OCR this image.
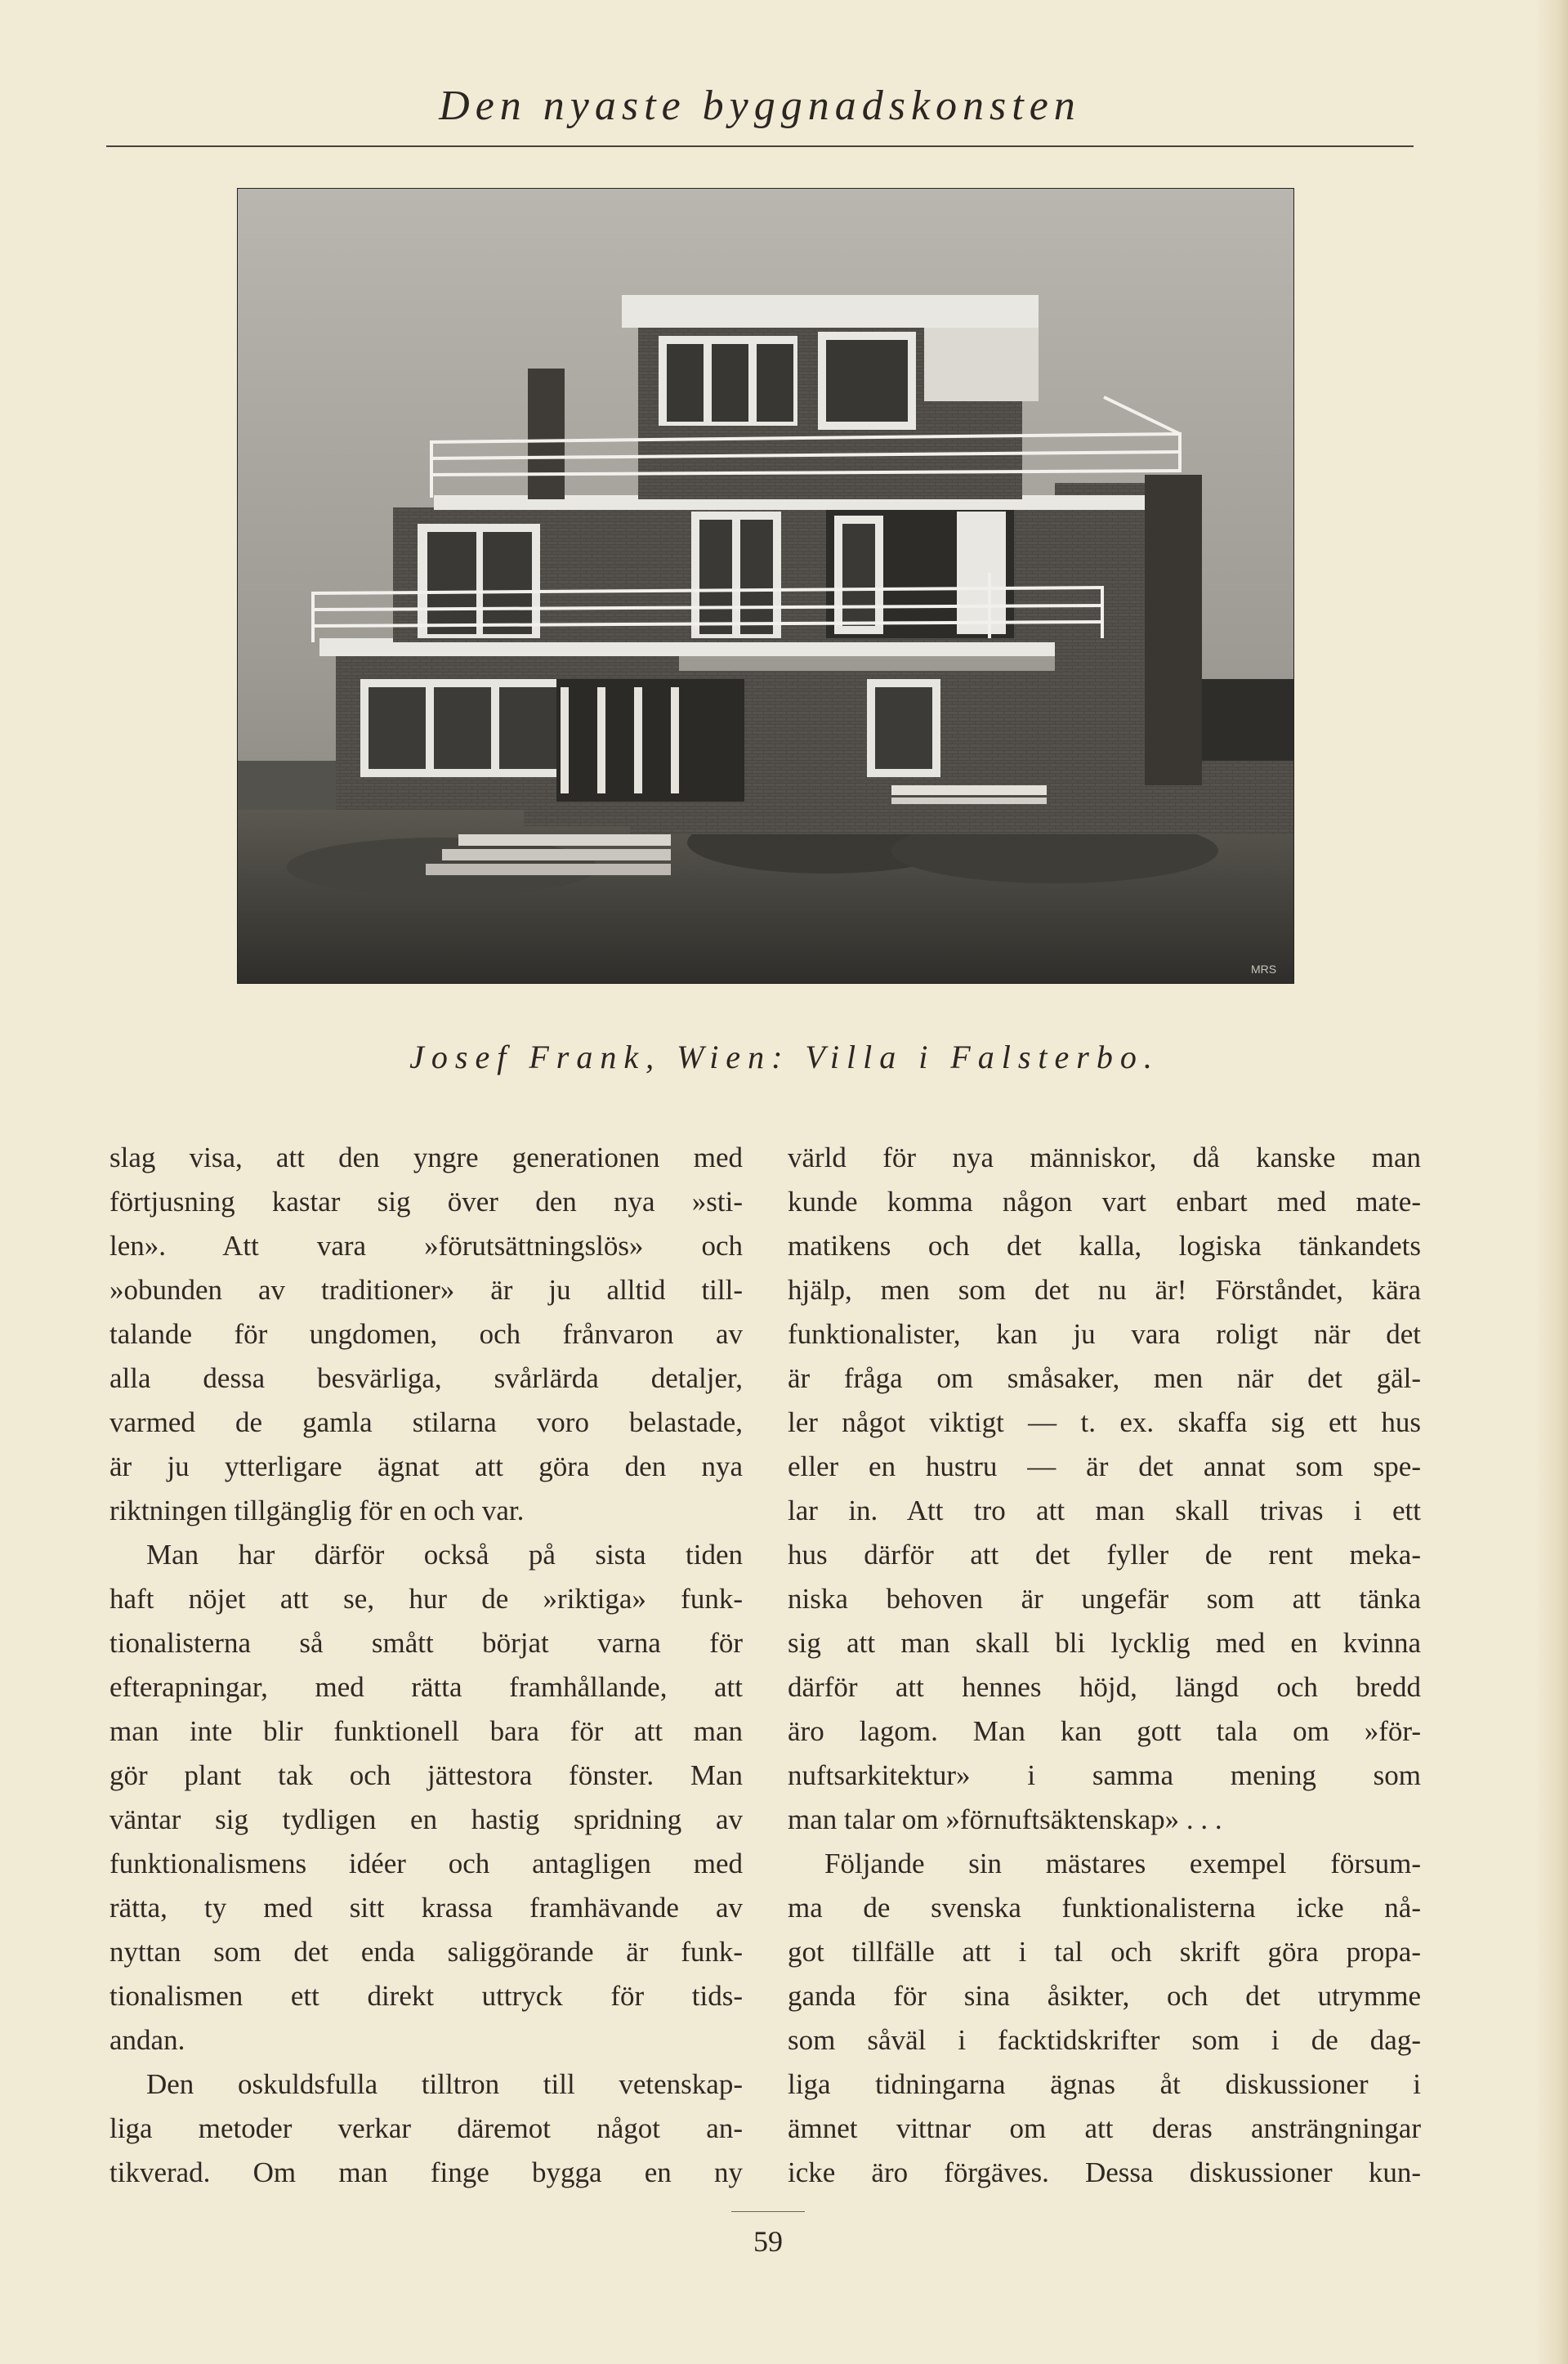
Den nyaste byggnadskonsten
MRS
Josef Frank, Wien: Villa i Falsterbo.
slag visa, att den yngre generationen med
förtjusning kastar sig över den nya »sti-
len». Att vara »förutsättningslös» och
»obunden av traditioner» är ju alltid till-
talande för ungdomen, och frånvaron av
alla dessa besvärliga, svårlärda detaljer,
varmed de gamla stilarna voro belastade,
är ju ytterligare ägnat att göra den nya
riktningen tillgänglig för en och var.
Man har därför också på sista tiden
haft nöjet att se, hur de »riktiga» funk-
tionalisterna så smått börjat varna för
efterapningar, med rätta framhållande, att
man inte blir funktionell bara för att man
gör plant tak och jättestora fönster. Man
väntar sig tydligen en hastig spridning av
funktionalismens idéer och antagligen med
rätta, ty med sitt krassa framhävande av
nyttan som det enda saliggörande är funk-
tionalismen ett direkt uttryck för tids-
andan.
Den oskuldsfulla tilltron till vetenskap-
liga metoder verkar däremot något an-
tikverad. Om man finge bygga en ny
värld för nya människor, då kanske man
kunde komma någon vart enbart med mate-
matikens och det kalla, logiska tänkandets
hjälp, men som det nu är! Förståndet, kära
funktionalister, kan ju vara roligt när det
är fråga om småsaker, men när det gäl-
ler något viktigt — t. ex. skaffa sig ett hus
eller en hustru — är det annat som spe-
lar in. Att tro att man skall trivas i ett
hus därför att det fyller de rent meka-
niska behoven är ungefär som att tänka
sig att man skall bli lycklig med en kvinna
därför att hennes höjd, längd och bredd
äro lagom. Man kan gott tala om »för-
nuftsarkitektur» i samma mening som
man talar om »förnuftsäktenskap» . . .
Följande sin mästares exempel försum-
ma de svenska funktionalisterna icke nå-
got tillfälle att i tal och skrift göra propa-
ganda för sina åsikter, och det utrymme
som såväl i facktidskrifter som i de dag-
liga tidningarna ägnas åt diskussioner i
ämnet vittnar om att deras ansträngningar
icke äro förgäves. Dessa diskussioner kun-
59
